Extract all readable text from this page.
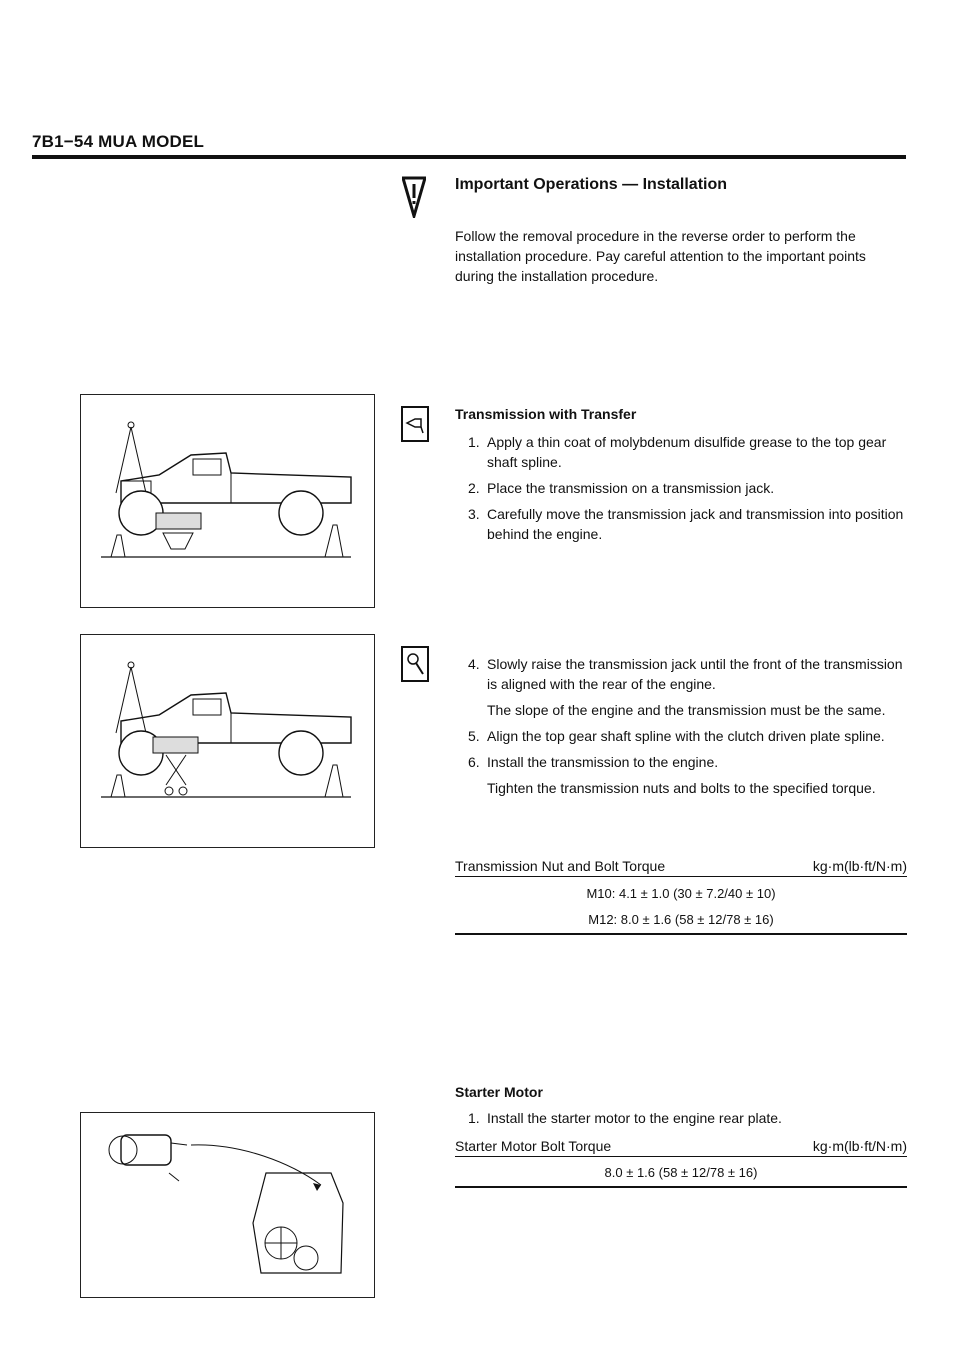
7B1−54 MUA MODEL
Important Operations — Installation
Follow the removal procedure in the reverse order to perform the installation procedure. Pay careful attention to the important points during the installation procedure.
Transmission with Transfer
1. Apply a thin coat of molybdenum disulfide grease to the top gear shaft spline.
2. Place the transmission on a transmission jack.
3. Carefully move the transmission jack and transmission into position behind the engine.
4. Slowly raise the transmission jack until the front of the transmission is aligned with the rear of the engine.
The slope of the engine and the transmission must be the same.
5. Align the top gear shaft spline with the clutch driven plate spline.
6. Install the transmission to the engine.
Tighten the transmission nuts and bolts to the specified torque.
Transmission Nut and Bolt Torque	kg·m(lb·ft/N·m)
M10: 4.1 ± 1.0 (30 ± 7.2/40 ± 10)
M12: 8.0 ± 1.6 (58 ± 12/78 ± 16)
Starter Motor
1. Install the starter motor to the engine rear plate.
Starter Motor Bolt Torque	kg·m(lb·ft/N·m)
8.0 ± 1.6 (58 ± 12/78 ± 16)
